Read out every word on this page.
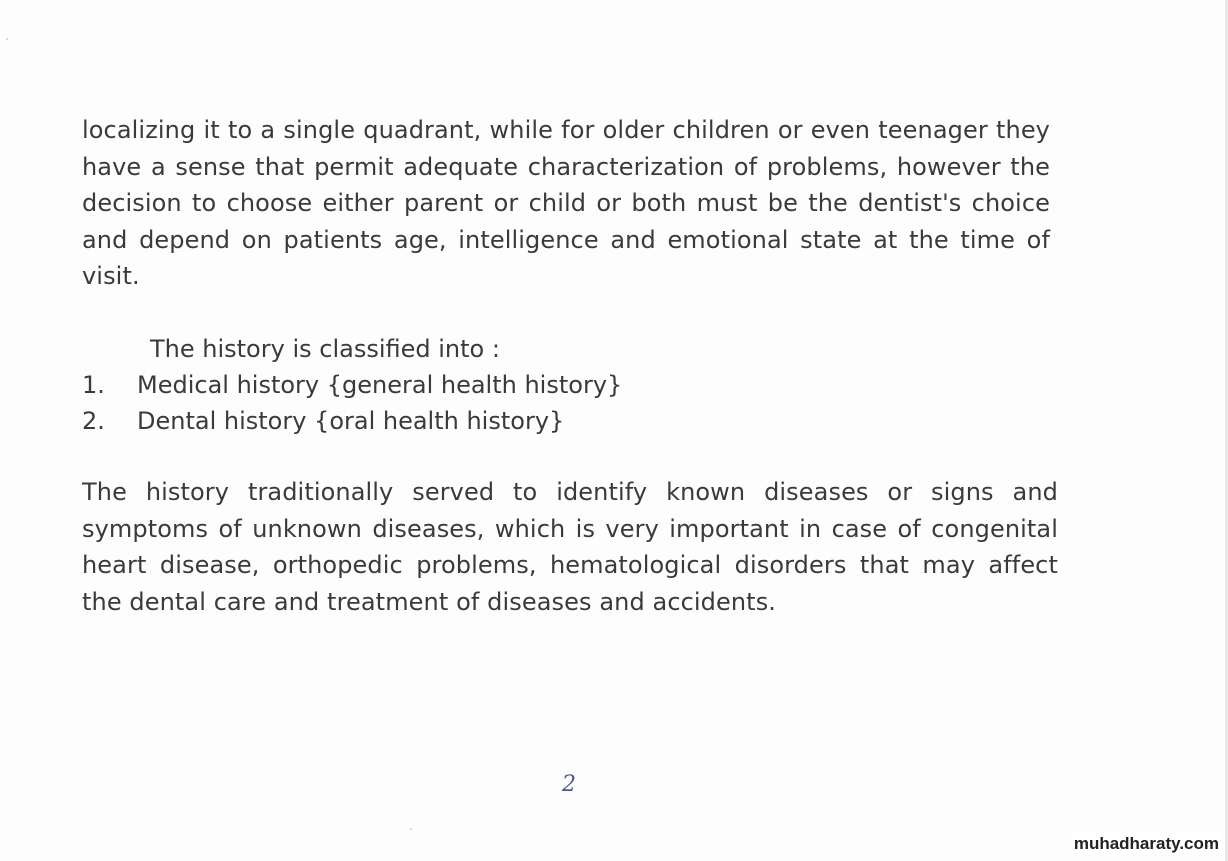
localizing it to a single quadrant, while for older children or even teenager they have a sense that permit adequate characterization of problems, however the decision to choose either parent or child or both must be the dentist's choice and depend on patients age, intelligence and emotional state at the time of visit.

The history is classified into :

1.	Medical history {general health history}
2.	Dental history {oral health history}

The history traditionally served to identify known diseases or signs and symptoms of unknown diseases, which is very important in case of congenital heart disease, orthopedic problems, hematological disorders that may affect the dental care and treatment of diseases and accidents.

2
muhadharaty.com
